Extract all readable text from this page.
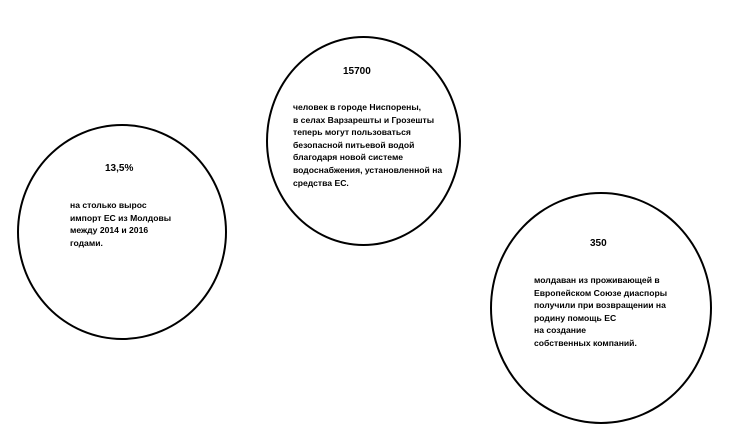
13,5%
на столько вырос
импорт ЕС из Молдовы
между 2014 и 2016
годами.
15700
человек в городе Ниспорены,
в селах Варзарешты и Грозешты
теперь могут пользоваться
безопасной питьевой водой
благодаря новой системе
водоснабжения, установленной на
средства ЕС.
350
молдаван из проживающей в
Европейском Союзе диаспоры
получили при возвращении на
родину помощь ЕС
на создание
собственных компаний.
